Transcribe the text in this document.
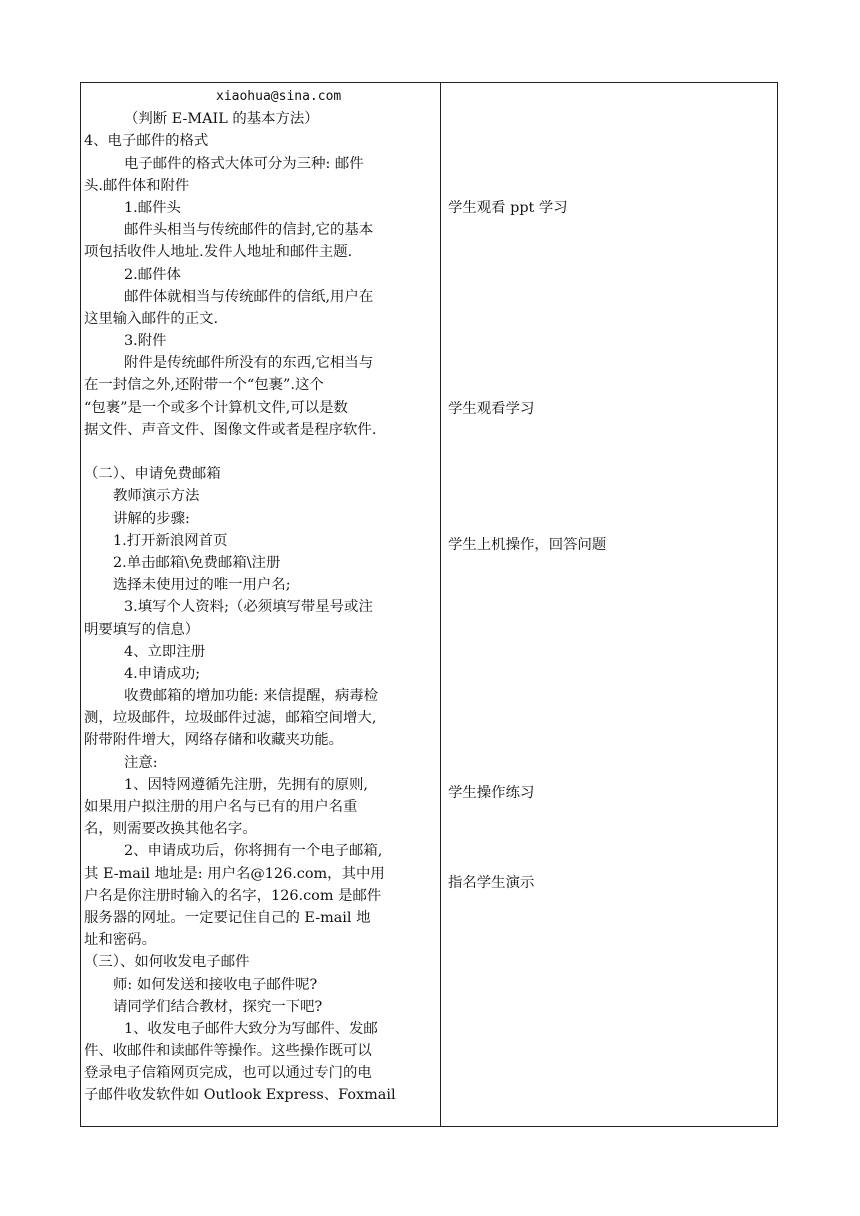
xiaohua@sina.com
（判断 E-MAIL 的基本方法）
4、电子邮件的格式
电子邮件的格式大体可分为三种: 邮件
头.邮件体和附件
1.邮件头
邮件头相当与传统邮件的信封,它的基本
项包括收件人地址.发件人地址和邮件主题.
2.邮件体
邮件体就相当与传统邮件的信纸,用户在
这里输入邮件的正文.
3.附件
附件是传统邮件所没有的东西,它相当与
在一封信之外,还附带一个“包裹”.这个
“包裹”是一个或多个计算机文件,可以是数
据文件、声音文件、图像文件或者是程序软件.
（二）、申请免费邮箱
教师演示方法
讲解的步骤:
1.打开新浪网首页
2.单击邮箱\免费邮箱\注册
选择未使用过的唯一用户名;
3.填写个人资料;（必须填写带星号或注
明要填写的信息）
4、立即注册
4.申请成功;
收费邮箱的增加功能: 来信提醒，病毒检
测，垃圾邮件，垃圾邮件过滤，邮箱空间增大,
附带附件增大，网络存储和收藏夹功能。
注意:
1、因特网遵循先注册，先拥有的原则,
如果用户拟注册的用户名与已有的用户名重
名，则需要改换其他名字。
2、申请成功后，你将拥有一个电子邮箱,
其 E-mail 地址是: 用户名@126.com，其中用
户名是你注册时输入的名字，126.com 是邮件
服务器的网址。一定要记住自己的 E-mail 地
址和密码。
（三）、如何收发电子邮件
师: 如何发送和接收电子邮件呢?
请同学们结合教材，探究一下吧?
1、收发电子邮件大致分为写邮件、发邮
件、收邮件和读邮件等操作。这些操作既可以
登录电子信箱网页完成，也可以通过专门的电
子邮件收发软件如 Outlook Express、Foxmail
学生观看 ppt 学习
学生观看学习
学生上机操作，回答问题
学生操作练习
指名学生演示
